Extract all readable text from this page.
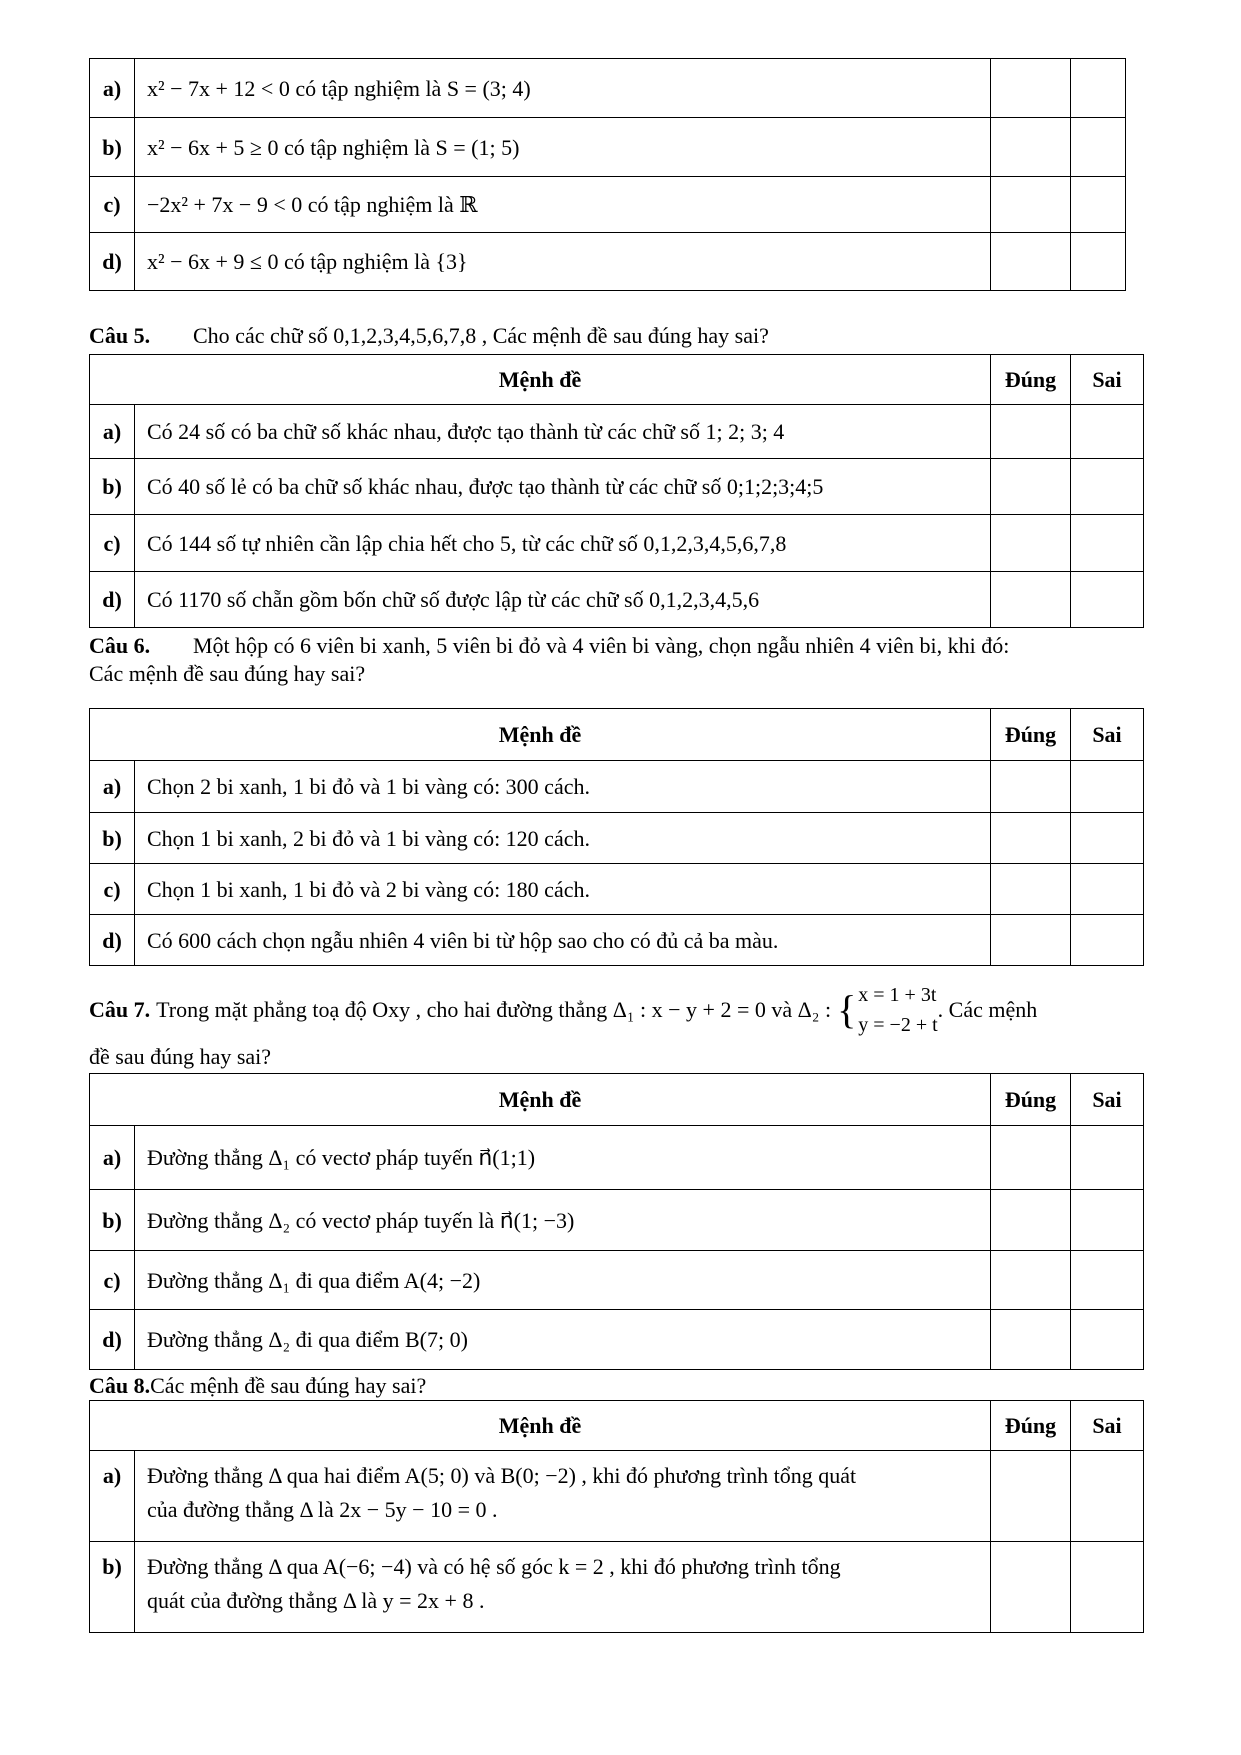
a)	x² − 7x + 12 < 0 có tập nghiệm là S = (3; 4)		
b)	x² − 6x + 5 ≥ 0 có tập nghiệm là S = (1; 5)		
c)	−2x² + 7x − 9 < 0 có tập nghiệm là ℝ		
d)	x² − 6x + 9 ≤ 0 có tập nghiệm là {3}		
Câu 5. Cho các chữ số 0,1,2,3,4,5,6,7,8 , Các mệnh đề sau đúng hay sai?
Mệnh đề		Đúng	Sai
a)	Có 24 số có ba chữ số khác nhau, được tạo thành từ các chữ số 1; 2; 3; 4		
b)	Có 40 số lẻ có ba chữ số khác nhau, được tạo thành từ các chữ số 0;1;2;3;4;5		
c)	Có 144 số tự nhiên cần lập chia hết cho 5, từ các chữ số 0,1,2,3,4,5,6,7,8		
d)	Có 1170 số chẵn gồm bốn chữ số được lập từ các chữ số 0,1,2,3,4,5,6		
Câu 6. Một hộp có 6 viên bi xanh, 5 viên bi đỏ và 4 viên bi vàng, chọn ngẫu nhiên 4 viên bi, khi đó:
Các mệnh đề sau đúng hay sai?
Mệnh đề		Đúng	Sai
a)	Chọn 2 bi xanh, 1 bi đỏ và 1 bi vàng có: 300 cách.		
b)	Chọn 1 bi xanh, 2 bi đỏ và 1 bi vàng có: 120 cách.		
c)	Chọn 1 bi xanh, 1 bi đỏ và 2 bi vàng có: 180 cách.		
d)	Có 600 cách chọn ngẫu nhiên 4 viên bi từ hộp sao cho có đủ cả ba màu.		
Câu 7. Trong mặt phẳng toạ độ Oxy , cho hai đường thẳng Δ₁ : x − y + 2 = 0 và Δ₂ : { x = 1 + 3t
y = −2 + t
. Các mệnh
đề sau đúng hay sai?
Mệnh đề		Đúng	Sai
a)	Đường thẳng Δ₁ có vectơ pháp tuyến n⃗(1;1)		
b)	Đường thẳng Δ₂ có vectơ pháp tuyến là n⃗(1; −3)		
c)	Đường thẳng Δ₁ đi qua điểm A(4; −2)		
d)	Đường thẳng Δ₂ đi qua điểm B(7; 0)		
Câu 8.Các mệnh đề sau đúng hay sai?
Mệnh đề		Đúng	Sai
a)	Đường thẳng Δ qua hai điểm A(5; 0) và B(0; −2) , khi đó phương trình tổng quát
của đường thẳng Δ là 2x − 5y − 10 = 0 .		

b)	Đường thẳng Δ qua A(−6; −4) và có hệ số góc k = 2 , khi đó phương trình tổng
quát của đường thẳng Δ là y = 2x + 8 .		
